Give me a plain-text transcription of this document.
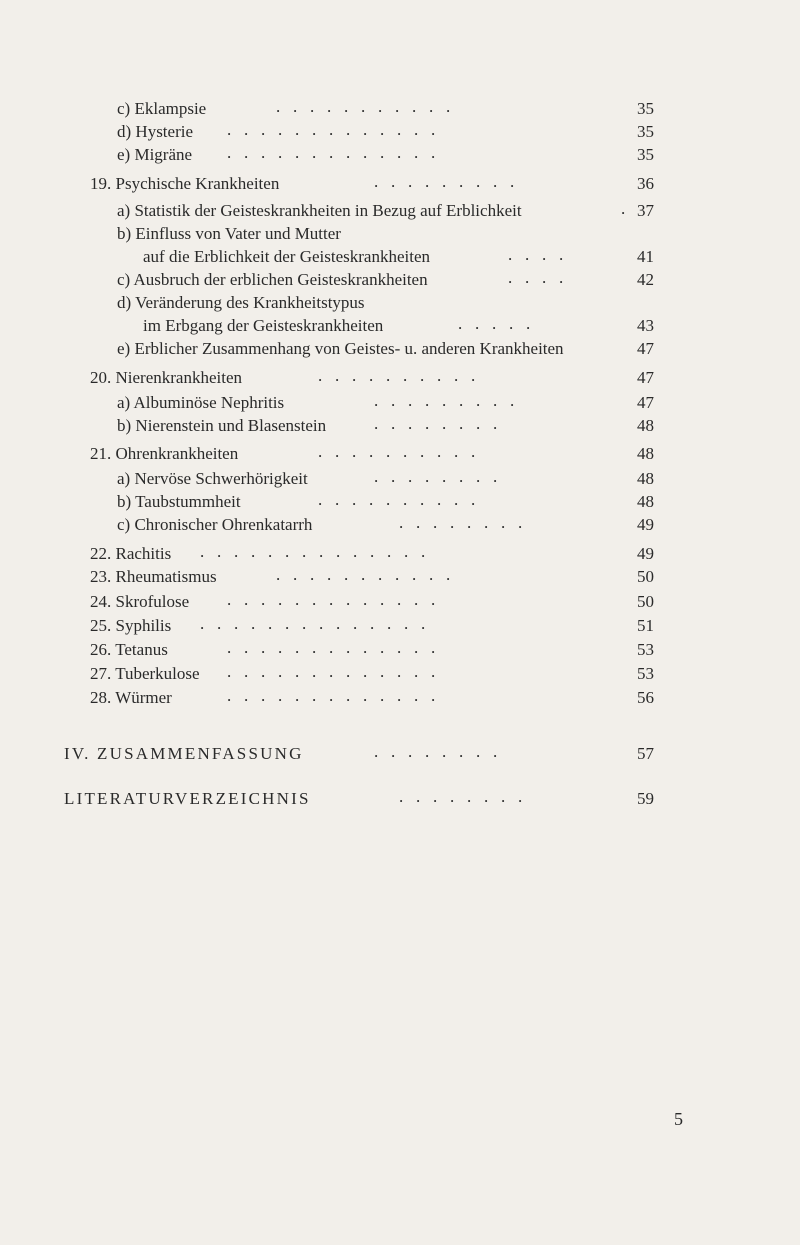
c) Eklampsie	.   .   .   .   .   .   .   .   .   .   .	35
d) Hysterie .   .   .   .   .   .   .   .   .   .   .   .   .	35
e) Migräne .   .   .   .   .   .   .   .   .   .   .   .   .	35
19. Psychische Krankheiten	.   .   .   .   .   .   .   .   .	36
a) Statistik der Geisteskrankheiten in Bezug auf Erblichkeit	. 37
b) Einfluss von Vater und Mutter
auf die Erblichkeit der Geisteskrankheiten	.   .   .   .	41
c) Ausbruch der erblichen Geisteskrankheiten	.   .   .   .	42
d) Veränderung des Krankheitstypus
im Erbgang der Geisteskrankheiten	.   .   .   .   .	43
e) Erblicher Zusammenhang von Geistes- u. anderen Krankheiten	47
20. Nierenkrankheiten	.   .   .   .   .   .   .   .   .   .	47
a) Albuminöse Nephritis	.   .   .   .   .   .   .   .   .	47
b) Nierenstein und Blasenstein	.   .   .   .   .   .   .   .	48
21. Ohrenkrankheiten	.   .   .   .   .   .   .   .   .   .	48
a) Nervöse Schwerhörigkeit	.   .   .   .   .   .   .   .	48
b) Taubstummheit	.   .   .   .   .   .   .   .   .   .	48
c) Chronischer Ohrenkatarrh	.   .   .   .   .   .   .   .	49
22. Rachitis .   .   .   .   .   .   .   .   .   .   .   .   .   .	49
23. Rheumatismus	.   .   .   .   .   .   .   .   .   .   .	50
24. Skrofulose .   .   .   .   .   .   .   .   .   .   .   .   .	50
25. Syphilis .   .   .   .   .   .   .   .   .   .   .   .   .   .	51
26. Tetanus	.   .   .   .   .   .   .   .   .   .   .   .   .	53
27. Tuberkulose .   .   .   .   .   .   .   .   .   .   .   .   .	53
28. Würmer	.   .   .   .   .   .   .   .   .   .   .   .   .	56
IV. ZUSAMMENFASSUNG	.   .   .   .   .   .   .   .	57
LITERATURVERZEICHNIS	.   .   .   .   .   .   .   .	59
5
